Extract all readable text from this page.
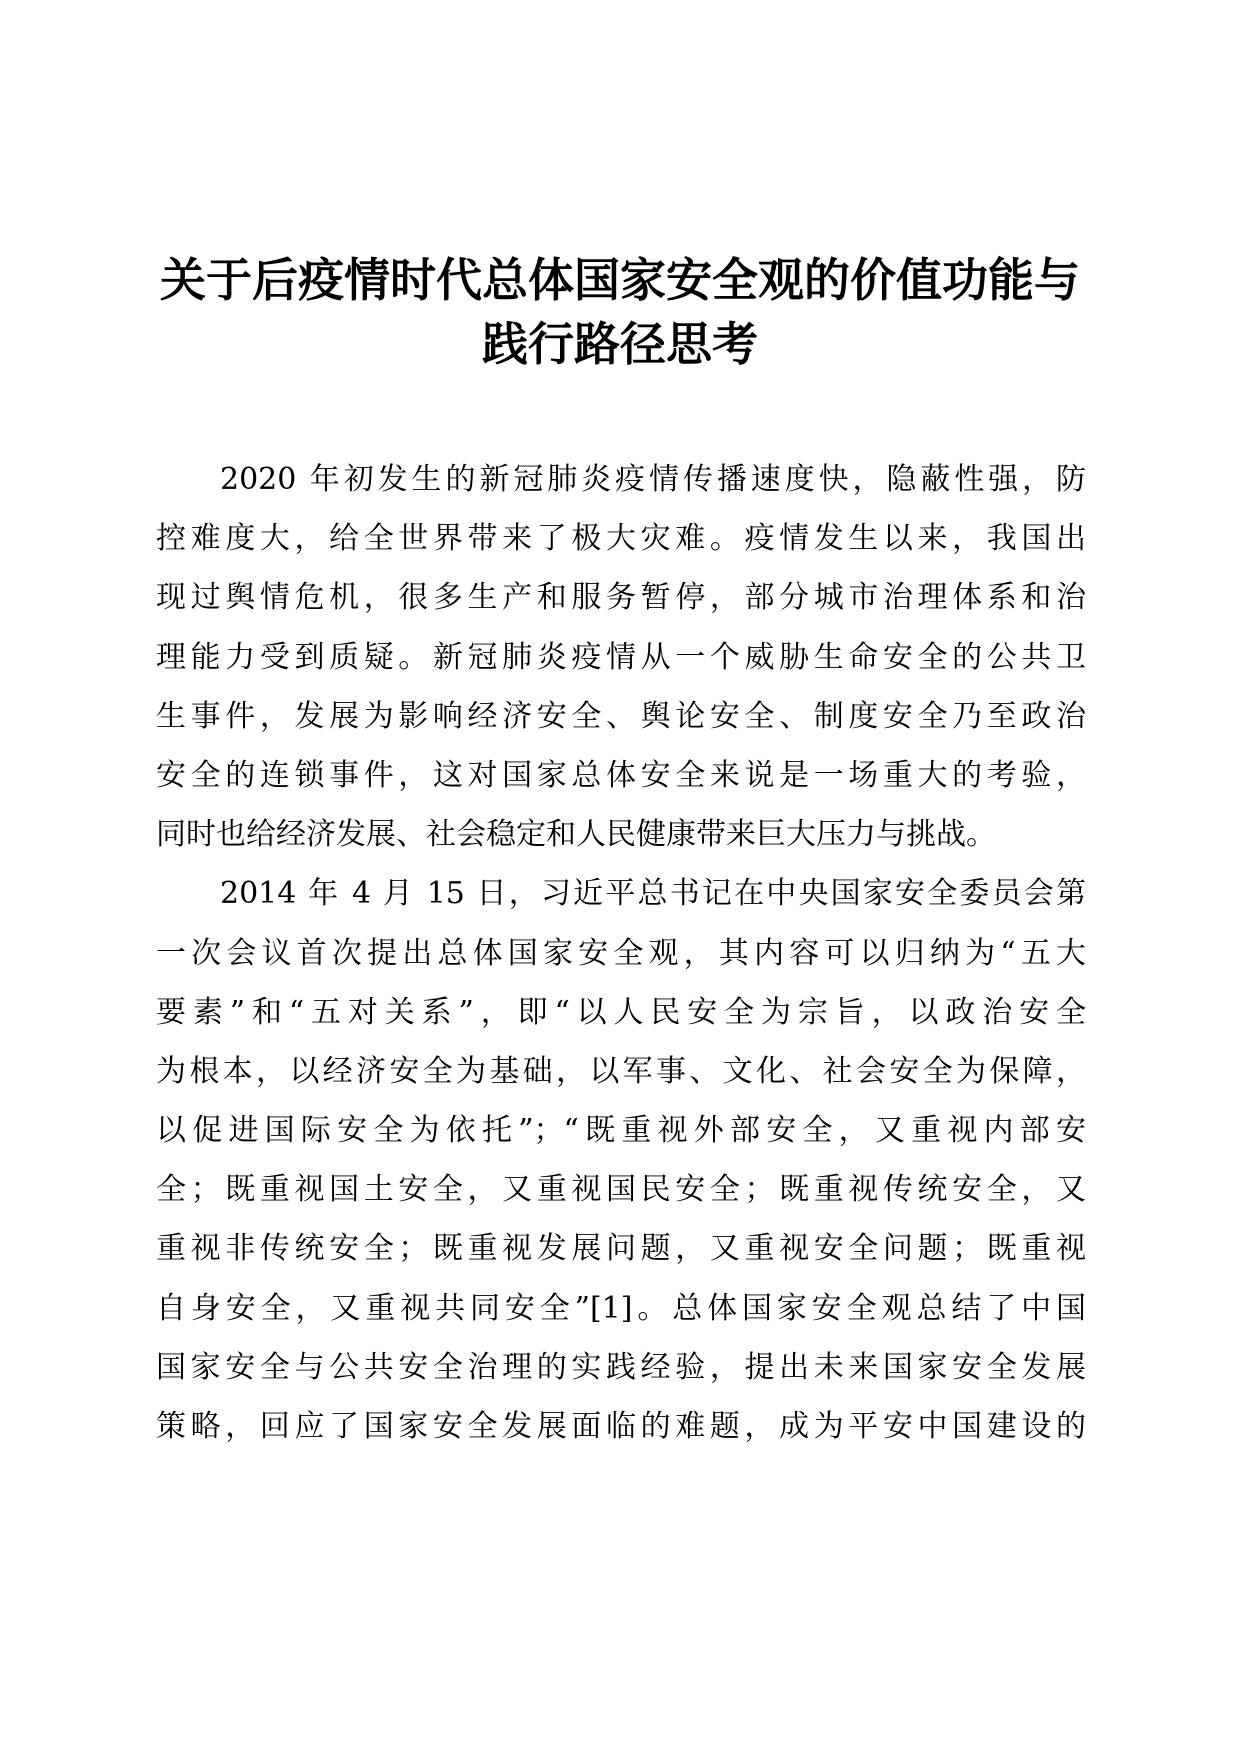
关于后疫情时代总体国家安全观的价值功能与
践行路径思考
2020 年初发生的新冠肺炎疫情传播速度快，隐蔽性强，防
控难度大，给全世界带来了极大灾难。疫情发生以来，我国出
现过舆情危机，很多生产和服务暂停，部分城市治理体系和治
理能力受到质疑。新冠肺炎疫情从一个威胁生命安全的公共卫
生事件，发展为影响经济安全、舆论安全、制度安全乃至政治
安全的连锁事件，这对国家总体安全来说是一场重大的考验，
同时也给经济发展、社会稳定和人民健康带来巨大压力与挑战。
2014 年 4 月 15 日，习近平总书记在中央国家安全委员会第
一次会议首次提出总体国家安全观，其内容可以归纳为“五大
要素”和“五对关系”，即“以人民安全为宗旨，以政治安全
为根本，以经济安全为基础，以军事、文化、社会安全为保障，
以促进国际安全为依托”；“既重视外部安全，又重视内部安
全；既重视国土安全，又重视国民安全；既重视传统安全，又
重视非传统安全；既重视发展问题，又重视安全问题；既重视
自身安全，又重视共同安全”[1]。总体国家安全观总结了中国
国家安全与公共安全治理的实践经验，提出未来国家安全发展
策略，回应了国家安全发展面临的难题，成为平安中国建设的
